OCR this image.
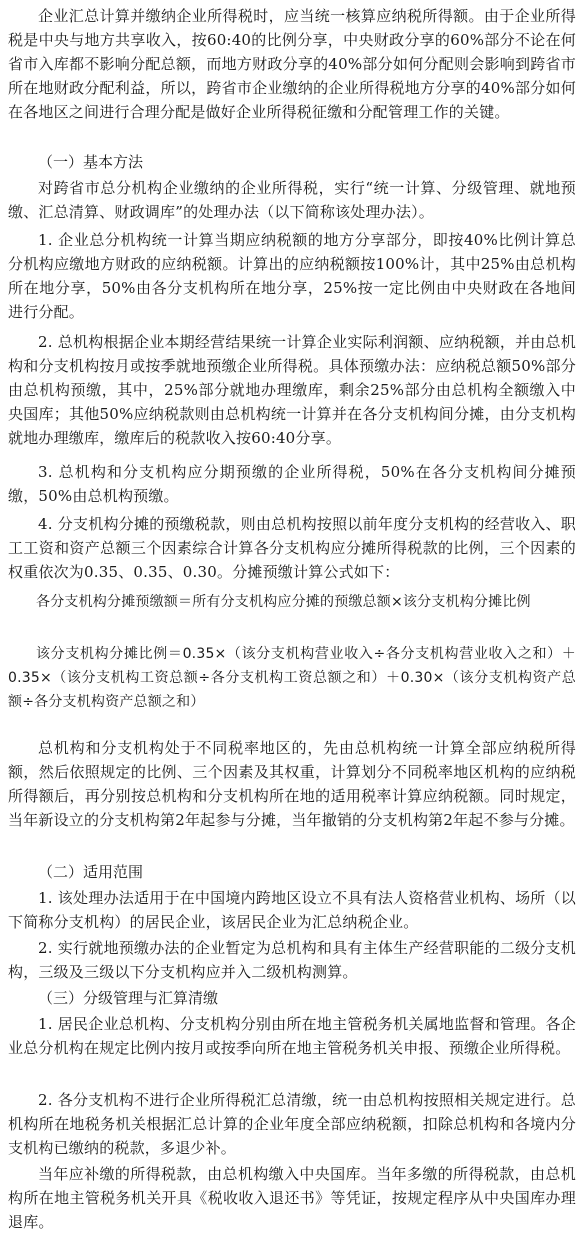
企业汇总计算并缴纳企业所得税时，应当统一核算应纳税所得额。由于企业所得税是中央与地方共享收入，按60:40的比例分享，中央财政分享的60%部分不论在何省市入库都不影响分配总额，而地方财政分享的40%部分如何分配则会影响到跨省市所在地财政分配利益，所以，跨省市企业缴纳的企业所得税地方分享的40%部分如何在各地区之间进行合理分配是做好企业所得税征缴和分配管理工作的关键。

（一）基本方法

对跨省市总分机构企业缴纳的企业所得税，实行“统一计算、分级管理、就地预缴、汇总清算、财政调库”的处理办法（以下简称该处理办法）。

1. 企业总分机构统一计算当期应纳税额的地方分享部分，即按40%比例计算总分机构应缴地方财政的应纳税额。计算出的应纳税额按100%计，其中25%由总机构所在地分享，50%由各分支机构所在地分享，25%按一定比例由中央财政在各地间进行分配。

2. 总机构根据企业本期经营结果统一计算企业实际利润额、应纳税额，并由总机构和分支机构按月或按季就地预缴企业所得税。具体预缴办法：应纳税总额50%部分由总机构预缴，其中，25%部分就地办理缴库，剩余25%部分由总机构全额缴入中央国库；其他50%应纳税款则由总机构统一计算并在各分支机构间分摊，由分支机构就地办理缴库，缴库后的税款收入按60:40分享。

3. 总机构和分支机构应分期预缴的企业所得税，50%在各分支机构间分摊预缴，50%由总机构预缴。

4. 分支机构分摊的预缴税款，则由总机构按照以前年度分支机构的经营收入、职工工资和资产总额三个因素综合计算各分支机构应分摊所得税款的比例，三个因素的权重依次为0.35、0.35、0.30。分摊预缴计算公式如下：

各分支机构分摊预缴额＝所有分支机构应分摊的预缴总额×该分支机构分摊比例

该分支机构分摊比例＝0.35×（该分支机构营业收入÷各分支机构营业收入之和）＋0.35×（该分支机构工资总额÷各分支机构工资总额之和）＋0.30×（该分支机构资产总额÷各分支机构资产总额之和）

总机构和分支机构处于不同税率地区的，先由总机构统一计算全部应纳税所得额，然后依照规定的比例、三个因素及其权重，计算划分不同税率地区机构的应纳税所得额后，再分别按总机构和分支机构所在地的适用税率计算应纳税额。同时规定，当年新设立的分支机构第2年起参与分摊，当年撤销的分支机构第2年起不参与分摊。

（二）适用范围

1. 该处理办法适用于在中国境内跨地区设立不具有法人资格营业机构、场所（以下简称分支机构）的居民企业，该居民企业为汇总纳税企业。

2. 实行就地预缴办法的企业暂定为总机构和具有主体生产经营职能的二级分支机构，三级及三级以下分支机构应并入二级机构测算。

（三）分级管理与汇算清缴

1. 居民企业总机构、分支机构分别由所在地主管税务机关属地监督和管理。各企业总分机构在规定比例内按月或按季向所在地主管税务机关申报、预缴企业所得税。

2. 各分支机构不进行企业所得税汇总清缴，统一由总机构按照相关规定进行。总机构所在地税务机关根据汇总计算的企业年度全部应纳税额，扣除总机构和各境内分支机构已缴纳的税款，多退少补。

当年应补缴的所得税款，由总机构缴入中央国库。当年多缴的所得税款，由总机构所在地主管税务机关开具《税收收入退还书》等凭证，按规定程序从中央国库办理退库。
